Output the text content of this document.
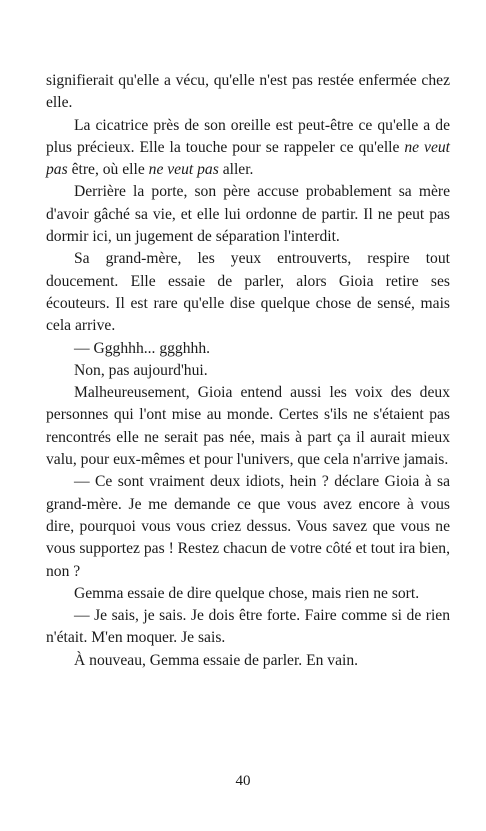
signifierait qu'elle a vécu, qu'elle n'est pas restée enfermée chez elle.

La cicatrice près de son oreille est peut-être ce qu'elle a de plus précieux. Elle la touche pour se rappeler ce qu'elle ne veut pas être, où elle ne veut pas aller.

Derrière la porte, son père accuse probablement sa mère d'avoir gâché sa vie, et elle lui ordonne de partir. Il ne peut pas dormir ici, un jugement de séparation l'interdit.

Sa grand-mère, les yeux entrouverts, respire tout doucement. Elle essaie de parler, alors Gioia retire ses écouteurs. Il est rare qu'elle dise quelque chose de sensé, mais cela arrive.

— Ggghhh... ggghhh.

Non, pas aujourd'hui.

Malheureusement, Gioia entend aussi les voix des deux personnes qui l'ont mise au monde. Certes s'ils ne s'étaient pas rencontrés elle ne serait pas née, mais à part ça il aurait mieux valu, pour eux-mêmes et pour l'univers, que cela n'arrive jamais.

— Ce sont vraiment deux idiots, hein ? déclare Gioia à sa grand-mère. Je me demande ce que vous avez encore à vous dire, pourquoi vous vous criez dessus. Vous savez que vous ne vous supportez pas ! Restez chacun de votre côté et tout ira bien, non ?

Gemma essaie de dire quelque chose, mais rien ne sort.

— Je sais, je sais. Je dois être forte. Faire comme si de rien n'était. M'en moquer. Je sais.

À nouveau, Gemma essaie de parler. En vain.

40
